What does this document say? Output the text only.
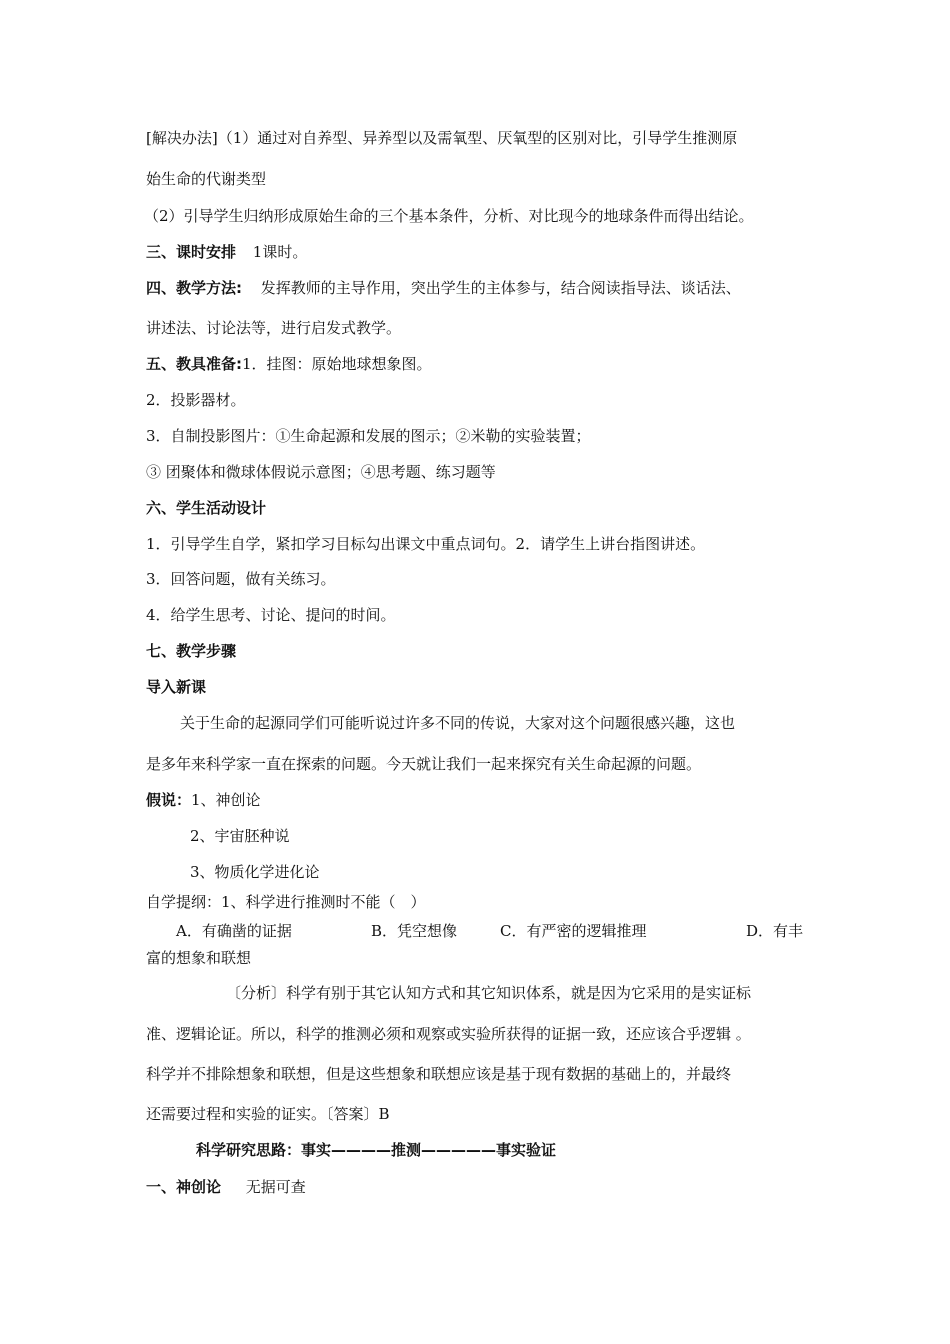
[解决办法]（1）通过对自养型、异养型以及需氧型、厌氧型的区别对比，引导学生推测原
始生命的代谢类型
（2）引导学生归纳形成原始生命的三个基本条件，分析、对比现今的地球条件而得出结论。
三、课时安排 1课时。
四、教学方法: 发挥教师的主导作用，突出学生的主体参与，结合阅读指导法、谈话法、
讲述法、讨论法等，进行启发式教学。
五、教具准备:1．挂图：原始地球想象图。
2．投影器材。
3．自制投影图片：①生命起源和发展的图示；②米勒的实验装置；
③ 团聚体和微球体假说示意图；④思考题、练习题等
六、学生活动设计
1．引导学生自学，紧扣学习目标勾出课文中重点词句。2．请学生上讲台指图讲述。
3．回答问题，做有关练习。
4．给学生思考、讨论、提问的时间。
七、教学步骤
导入新课
关于生命的起源同学们可能听说过许多不同的传说，大家对这个问题很感兴趣，这也
是多年来科学家一直在探索的问题。今天就让我们一起来探究有关生命起源的问题。
假说：1、神创论
2、宇宙胚种说
3、物质化学进化论
自学提纲：1、科学进行推测时不能（　）
A．有确凿的证据	B．凭空想像	C．有严密的逻辑推理	D．有丰
富的想象和联想
〔分析〕科学有别于其它认知方式和其它知识体系，就是因为它采用的是实证标
准、逻辑论证。所以，科学的推测必须和观察或实验所获得的证据一致，还应该合乎逻辑 。
科学并不排除想象和联想，但是这些想象和联想应该是基于现有数据的基础上的，并最终
还需要过程和实验的证实。〔答案〕B
科学研究思路：事实————推测—————事实验证
一、神创论 无据可查
